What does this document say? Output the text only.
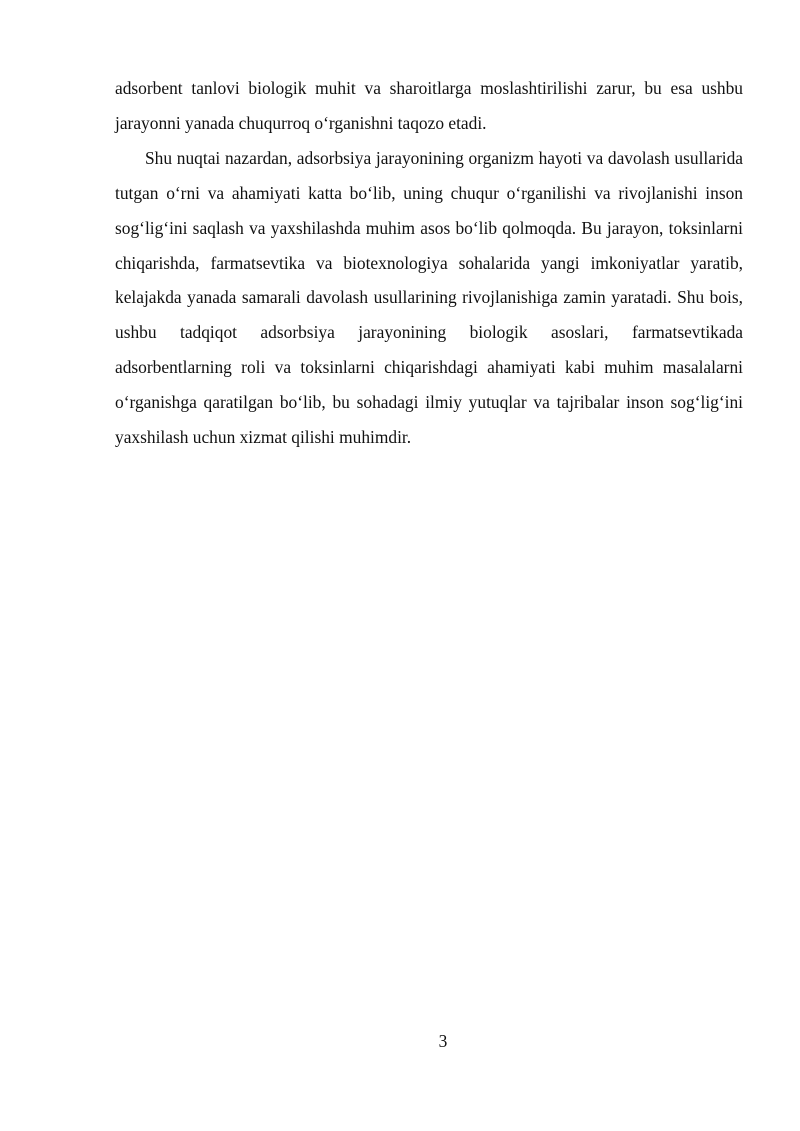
adsorbent tanlovi biologik muhit va sharoitlarga moslashtirilishi zarur, bu esa ushbu jarayonni yanada chuqurroq oʻrganishni taqozo etadi.

Shu nuqtai nazardan, adsorbsiya jarayonining organizm hayoti va davolash usullarida tutgan oʻrni va ahamiyati katta boʻlib, uning chuqur oʻrganilishi va rivojlanishi inson sogʻligʻini saqlash va yaxshilashda muhim asos boʻlib qolmoqda. Bu jarayon, toksinlarni chiqarishda, farmatsevtika va biotexnologiya sohalarida yangi imkoniyatlar yaratib, kelajakda yanada samarali davolash usullarining rivojlanishiga zamin yaratadi. Shu bois, ushbu tadqiqot adsorbsiya jarayonining biologik asoslari, farmatsevtikada adsorbentlarning roli va toksinlarni chiqarishdagi ahamiyati kabi muhim masalalarni oʻrganishga qaratilgan boʻlib, bu sohadagi ilmiy yutuqlar va tajribalar inson sogʻligʻini yaxshilash uchun xizmat qilishi muhimdir.

3
